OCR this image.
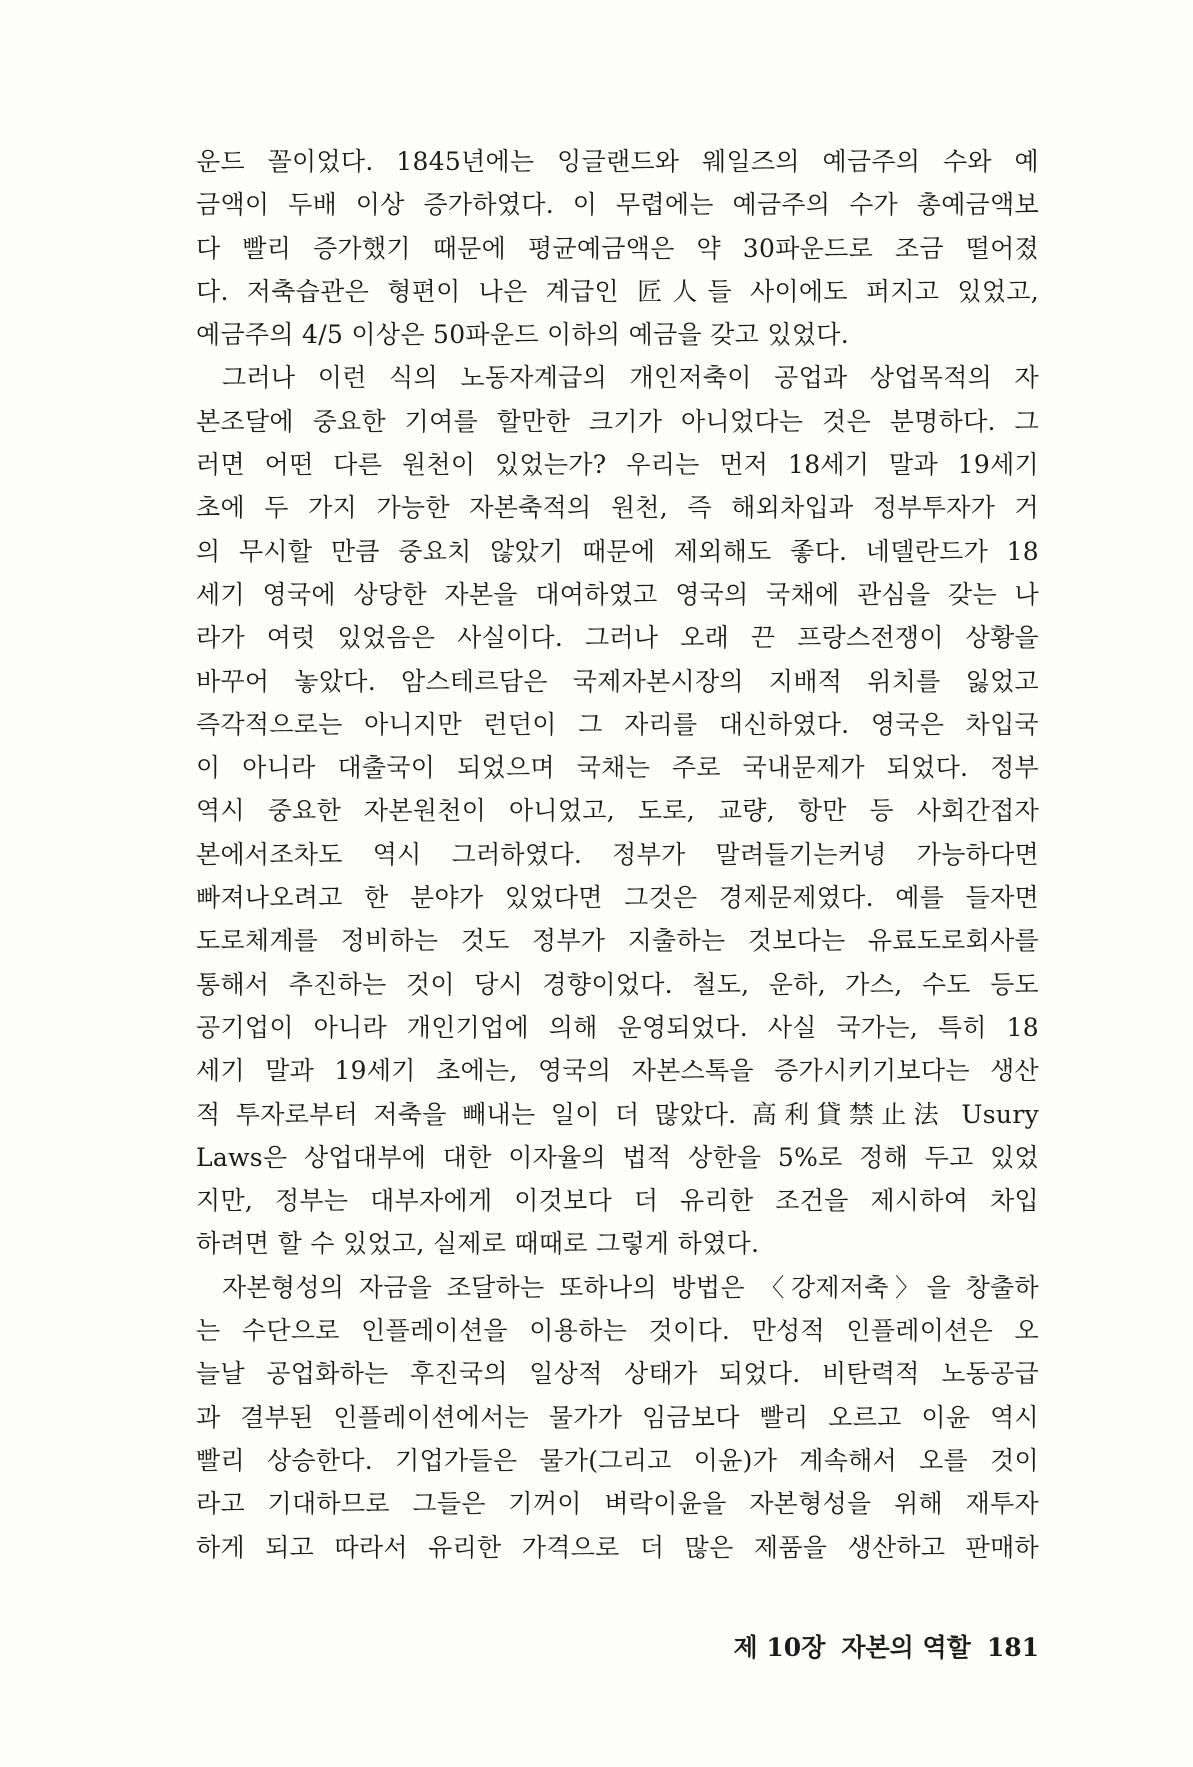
운드 꼴이었다. 1845년에는 잉글랜드와 웨일즈의 예금주의 수와 예
금액이 두배 이상 증가하였다. 이 무렵에는 예금주의 수가 총예금액보
다 빨리 증가했기 때문에 평균예금액은 약 30파운드로 조금 떨어졌
다. 저축습관은 형편이 나은 계급인 匠人들 사이에도 퍼지고 있었고,
예금주의 4/5 이상은 50파운드 이하의 예금을 갖고 있었다.
그러나 이런 식의 노동자계급의 개인저축이 공업과 상업목적의 자
본조달에 중요한 기여를 할만한 크기가 아니었다는 것은 분명하다. 그
러면 어떤 다른 원천이 있었는가? 우리는 먼저 18세기 말과 19세기
초에 두 가지 가능한 자본축적의 원천, 즉 해외차입과 정부투자가 거
의 무시할 만큼 중요치 않았기 때문에 제외해도 좋다. 네델란드가 18
세기 영국에 상당한 자본을 대여하였고 영국의 국채에 관심을 갖는 나
라가 여럿 있었음은 사실이다. 그러나 오래 끈 프랑스전쟁이 상황을
바꾸어 놓았다. 암스테르담은 국제자본시장의 지배적 위치를 잃었고
즉각적으로는 아니지만 런던이 그 자리를 대신하였다. 영국은 차입국
이 아니라 대출국이 되었으며 국채는 주로 국내문제가 되었다. 정부
역시 중요한 자본원천이 아니었고, 도로, 교량, 항만 등 사회간접자
본에서조차도 역시 그러하였다. 정부가 말려들기는커녕 가능하다면
빠져나오려고 한 분야가 있었다면 그것은 경제문제였다. 예를 들자면
도로체계를 정비하는 것도 정부가 지출하는 것보다는 유료도로회사를
통해서 추진하는 것이 당시 경향이었다. 철도, 운하, 가스, 수도 등도
공기업이 아니라 개인기업에 의해 운영되었다. 사실 국가는, 특히 18
세기 말과 19세기 초에는, 영국의 자본스톡을 증가시키기보다는 생산
적 투자로부터 저축을 빼내는 일이 더 많았다. 高利貸禁止法 Usury
Laws은 상업대부에 대한 이자율의 법적 상한을 5%로 정해 두고 있었
지만, 정부는 대부자에게 이것보다 더 유리한 조건을 제시하여 차입
하려면 할 수 있었고, 실제로 때때로 그렇게 하였다.
자본형성의 자금을 조달하는 또하나의 방법은 〈강제저축〉을 창출하
는 수단으로 인플레이션을 이용하는 것이다. 만성적 인플레이션은 오
늘날 공업화하는 후진국의 일상적 상태가 되었다. 비탄력적 노동공급
과 결부된 인플레이션에서는 물가가 임금보다 빨리 오르고 이윤 역시
빨리 상승한다. 기업가들은 물가(그리고 이윤)가 계속해서 오를 것이
라고 기대하므로 그들은 기꺼이 벼락이윤을 자본형성을 위해 재투자
하게 되고 따라서 유리한 가격으로 더 많은 제품을 생산하고 판매하
제 10장 자본의 역할 181
